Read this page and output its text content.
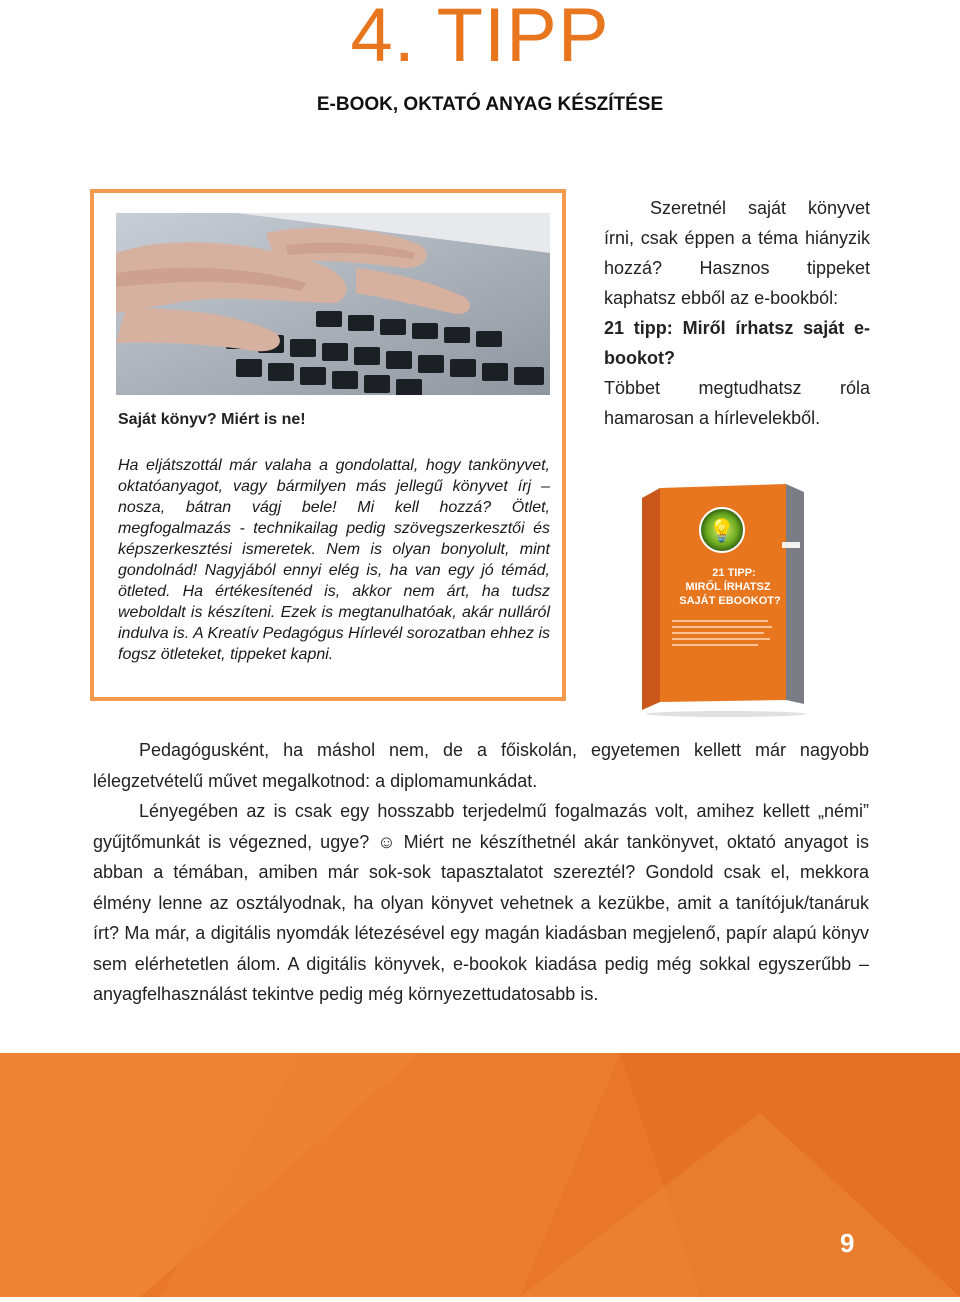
4. TIPP
E-BOOK, OKTATÓ ANYAG KÉSZÍTÉSE
Saját könyv? Miért is ne!
Ha eljátszottál már valaha a gondolattal, hogy tankönyvet, oktatóanyagot, vagy bármilyen más jellegű könyvet írj – nosza, bátran vágj bele! Mi kell hozzá? Ötlet, megfogalmazás - technikailag pedig szövegszerkesztői és képszerkesztési ismeretek. Nem is olyan bonyolult, mint gondolnád! Nagyjából ennyi elég is, ha van egy jó témád, ötleted. Ha értékesítenéd is, akkor nem árt, ha tudsz weboldalt is készíteni. Ezek is megtanulhatóak, akár nulláról indulva is. A Kreatív Pedagógus Hírlevél sorozatban ehhez is fogsz ötleteket, tippeket kapni.

Szeretnél saját könyvet írni, csak éppen a téma hiányzik hozzá? Hasznos tippeket kaphatsz ebből az e-bookból:

21 tipp: Miről írhatsz saját e-bookot?

Többet megtudhatsz róla hamarosan a hírlevelekből.

💡
21 TIPP:
MIRŐL ÍRHATSZ
SAJÁT EBOOKOT?

Pedagógusként, ha máshol nem, de a főiskolán, egyetemen kellett már nagyobb lélegzetvételű művet megalkotnod: a diplomamunkádat.

Lényegében az is csak egy hosszabb terjedelmű fogalmazás volt, amihez kellett „némi” gyűjtőmunkát is végezned, ugye? ☺ Miért ne készíthetnél akár tankönyvet, oktató anyagot is abban a témában, amiben már sok-sok tapasztalatot szereztél? Gondold csak el, mekkora élmény lenne az osztályodnak, ha olyan könyvet vehetnek a kezükbe, amit a tanítójuk/tanáruk írt? Ma már, a digitális nyomdák létezésével egy magán kiadásban megjelenő, papír alapú könyv sem elérhetetlen álom. A digitális könyvek, e-bookok kiadása pedig még sokkal egyszerűbb – anyagfelhasználást tekintve pedig még környezettudatosabb is.

9
